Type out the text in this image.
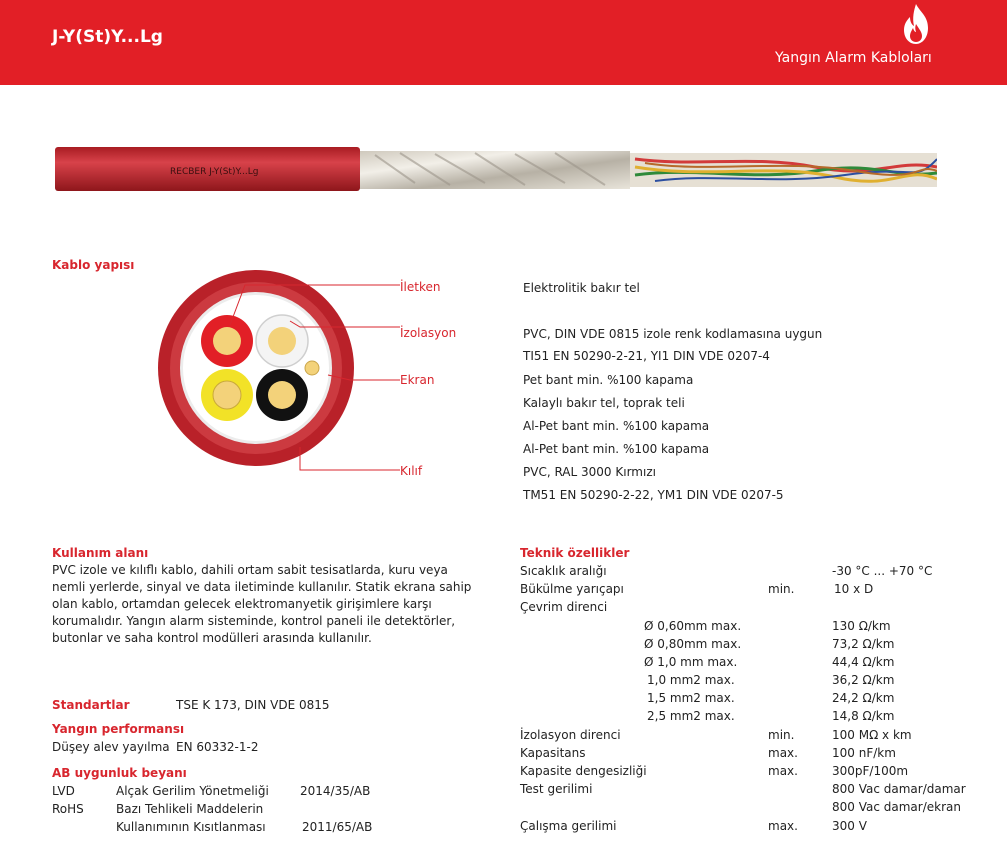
J-Y(St)Y...Lg
Yangın Alarm Kabloları
RECBER J-Y(St)Y...Lg
Kablo yapısı
İletken
İzolasyon
Ekran
Kılıf
Elektrolitik bakır tel
PVC, DIN VDE 0815 izole renk kodlamasına uygun
TI51 EN 50290-2-21, YI1 DIN VDE 0207-4
Pet bant min. %100 kapama
Kalaylı bakır tel, toprak teli
Al-Pet bant min. %100 kapama
Al-Pet bant min. %100 kapama
PVC, RAL 3000 Kırmızı
TM51 EN 50290-2-22, YM1 DIN VDE 0207-5
Kullanım alanı
PVC izole ve kılıflı kablo, dahili ortam sabit tesisatlarda, kuru veya
nemli yerlerde, sinyal ve data iletiminde kullanılır. Statik ekrana sahip
olan kablo, ortamdan gelecek elektromanyetik girişimlere karşı
korumalıdır. Yangın alarm sisteminde, kontrol paneli ile detektörler,
butonlar ve saha kontrol modülleri arasında kullanılır.
Standartlar	TSE K 173, DIN VDE 0815
Yangın performansı
Düşey alev yayılma EN 60332-1-2
AB uygunluk beyanı
LVD	Alçak Gerilim Yönetmeliği	2014/35/AB
RoHS	Bazı Tehlikeli Maddelerin
Kullanımının Kısıtlanması	2011/65/AB
Teknik özellikler
Sıcaklık aralığı	-30 °C ... +70 °C
Bükülme yarıçapı	min.	10 x D
Çevrim direnci
Ø 0,60mm max.	130 Ω/km
Ø 0,80mm max.	73,2 Ω/km
Ø 1,0 mm max.	44,4 Ω/km
1,0 mm2 max.	36,2 Ω/km
1,5 mm2 max.	24,2 Ω/km
2,5 mm2 max.	14,8 Ω/km
İzolasyon direnci	min.	100 MΩ x km
Kapasitans	max.	100 nF/km
Kapasite dengesizliği	max.	300pF/100m
Test gerilimi	800 Vac damar/damar
800 Vac damar/ekran
Çalışma gerilimi	max.	300 V
